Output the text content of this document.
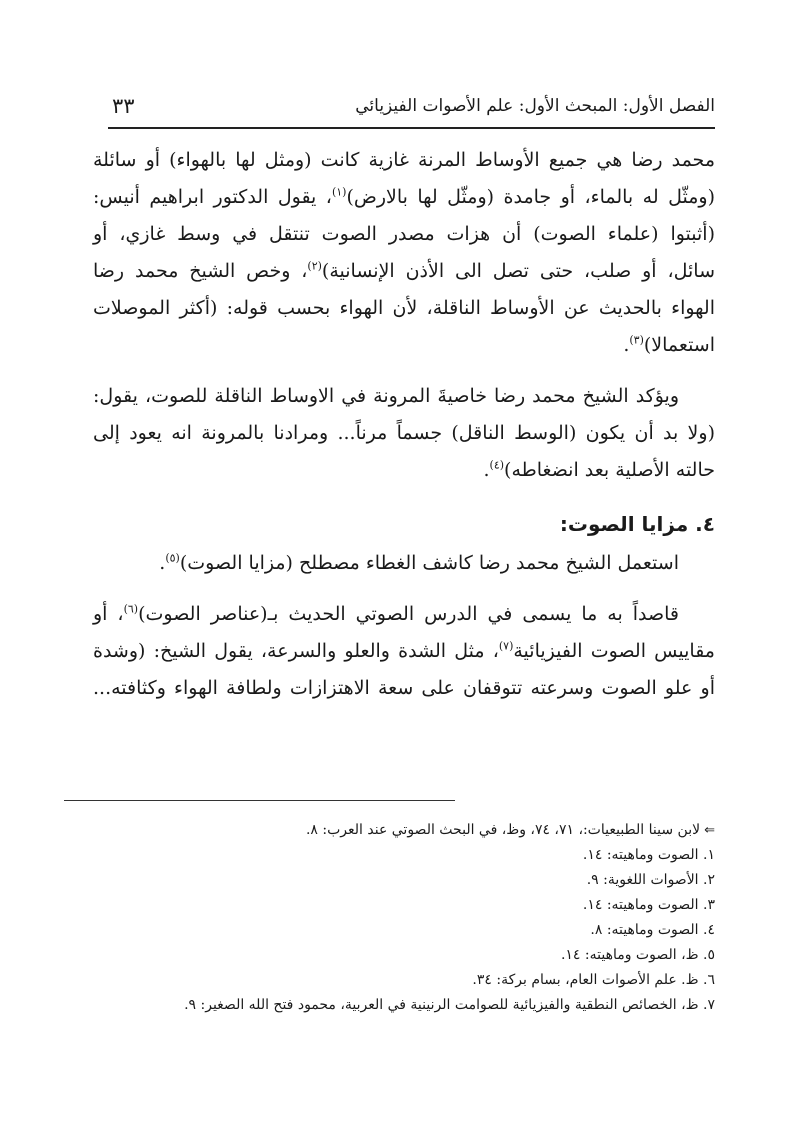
الفصل الأول: المبحث الأول: علم الأصوات الفيزيائي
٣٣
محمد رضا هي جميع الأوساط المرنة غازية كانت (ومثل لها بالهواء) أو سائلة
(ومثّل له بالماء، أو جامدة (ومثّل لها بالارض)$^{(١)}$، يقول الدكتور ابراهيم أنيس:
(أثبتوا (علماء الصوت) أن هزات مصدر الصوت تنتقل في وسط غازي، أو
سائل، أو صلب، حتى تصل الى الأذن الإنسانية)$^{(٢)}$، وخص الشيخ محمد رضا
الهواء بالحديث عن الأوساط الناقلة، لأن الهواء بحسب قوله: (أكثر الموصلات
استعمالا)$^{(٣)}$.
ويؤكد الشيخ محمد رضا خاصيةَ المرونة في الاوساط الناقلة للصوت، يقول:
(ولا بد أن يكون (الوسط الناقل) جسماً مرناً... ومرادنا بالمرونة انه يعود إلى
حالته الأصلية بعد انضغاطه)$^{(٤)}$.
٤. مزايا الصوت:
استعمل الشيخ محمد رضا كاشف الغطاء مصطلح (مزايا الصوت)$^{(٥)}$.
قاصداً به ما يسمى في الدرس الصوتي الحديث بـ(عناصر الصوت)$^{(٦)}$، أو
مقاييس الصوت الفيزيائية$^{(٧)}$، مثل الشدة والعلو والسرعة، يقول الشيخ: (وشدة
أو علو الصوت وسرعته تتوقفان على سعة الاهتزازات ولطافة الهواء وكثافته...
⇐لابن سينا الطبيعيات:، ٧١، ٧٤، وظ، في البحث الصوتي عند العرب: ٨.
١. الصوت وماهيته: ١٤.
٢. الأصوات اللغوية: ٩.
٣. الصوت وماهيته: ١٤.
٤. الصوت وماهيته: ٨.
٥. ظ، الصوت وماهيته: ١٤.
٦. ظ. علم الأصوات العام، بسام بركة: ٣٤.
٧. ظ، الخصائص النطقية والفيزيائية للصوامت الرنينية في العربية، محمود فتح الله الصغير: ٩.
